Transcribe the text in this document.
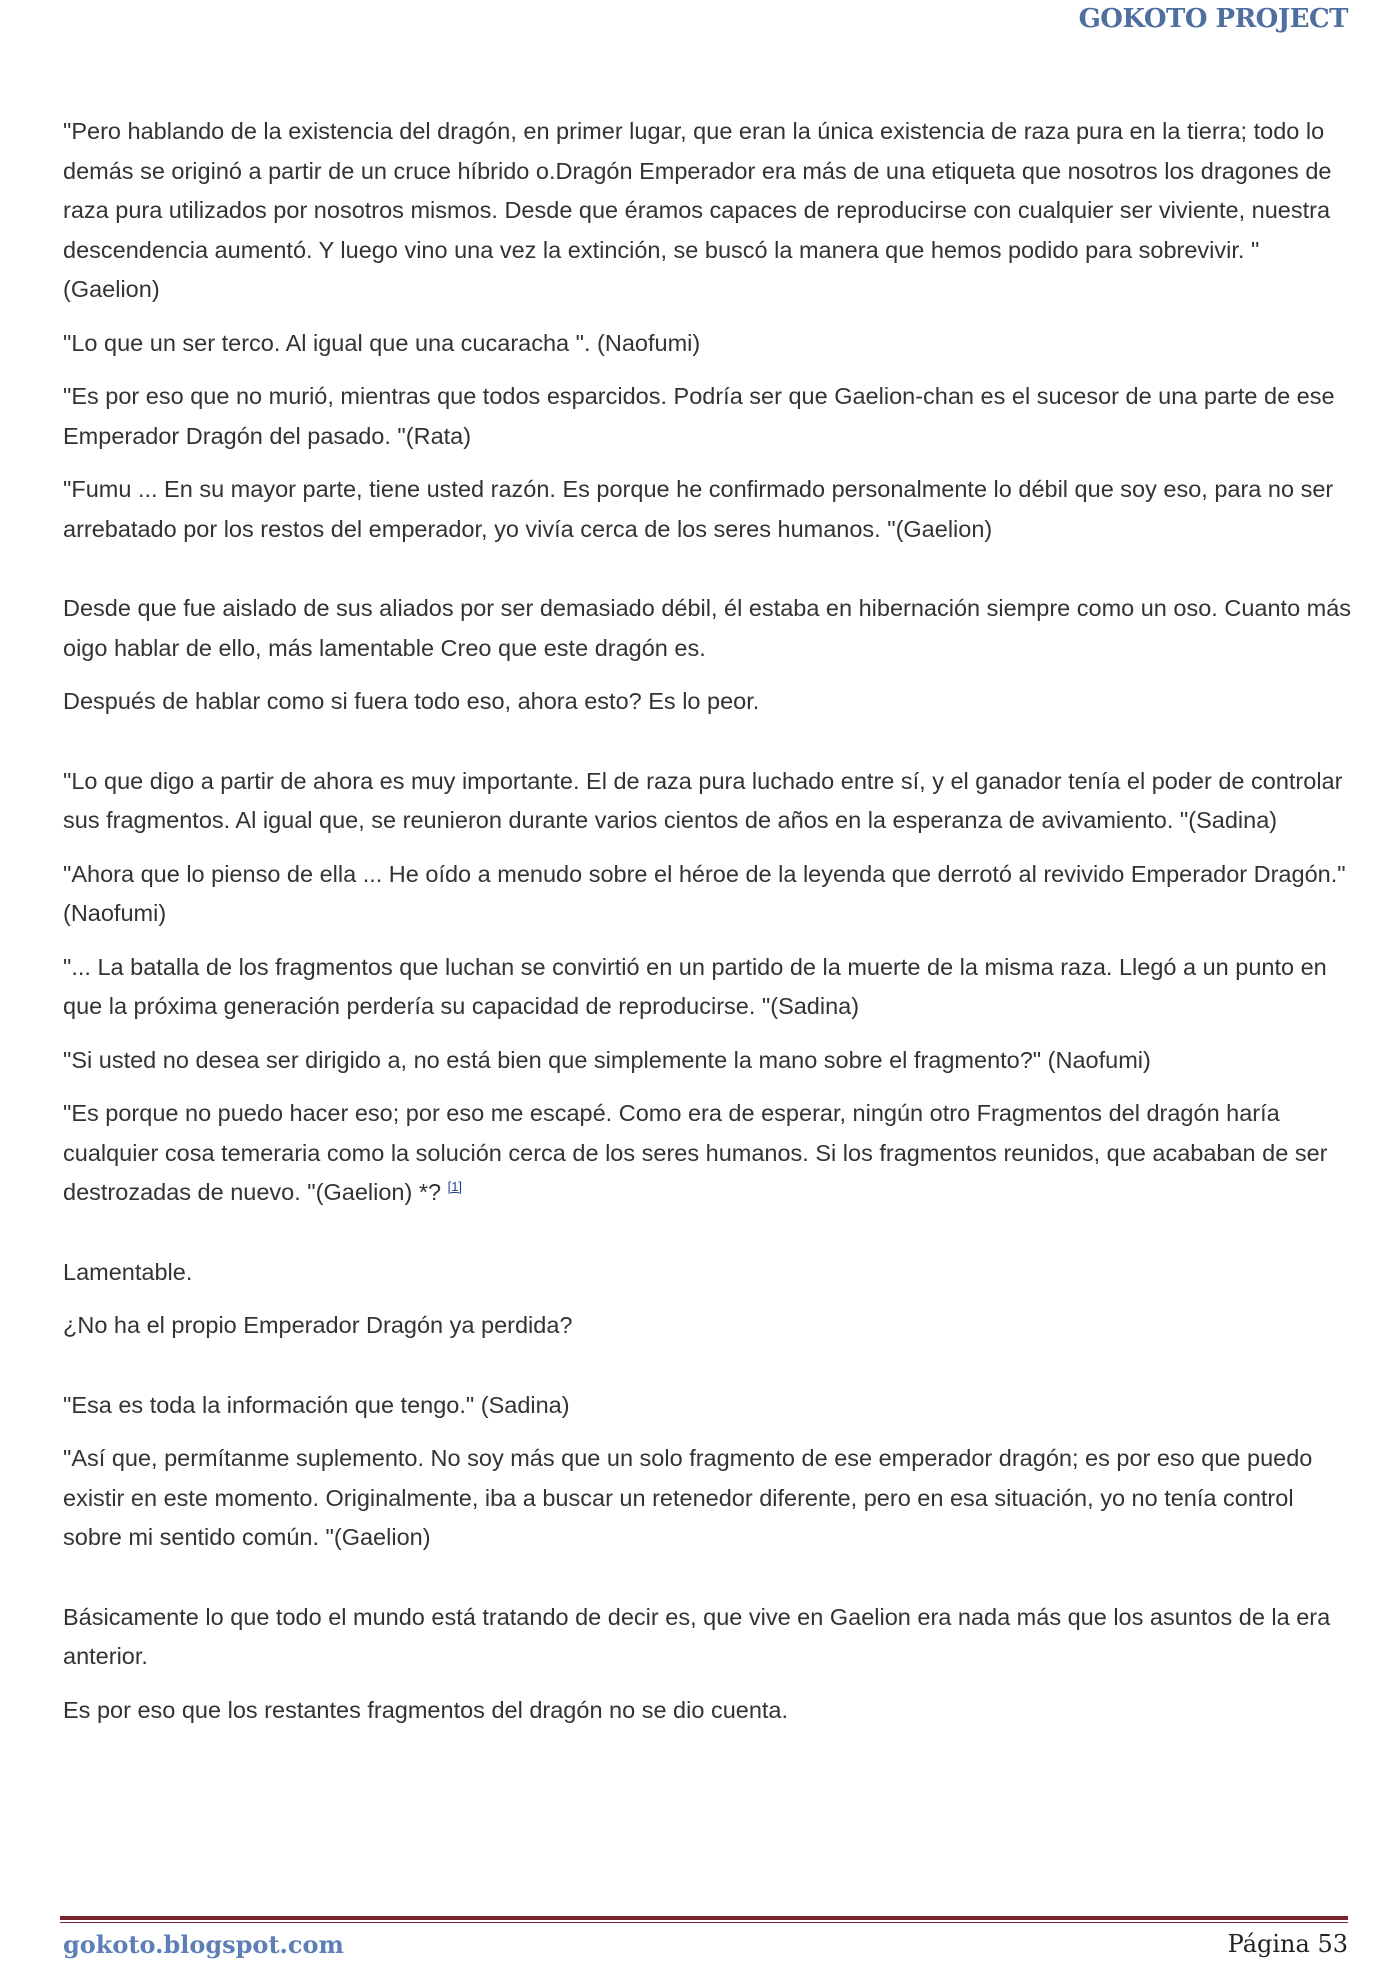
GOKOTO PROJECT

"Pero hablando de la existencia del dragón, en primer lugar, que eran la única existencia de raza pura en la tierra; todo lo demás se originó a partir de un cruce híbrido o.Dragón Emperador era más de una etiqueta que nosotros los dragones de raza pura utilizados por nosotros mismos. Desde que éramos capaces de reproducirse con cualquier ser viviente, nuestra descendencia aumentó. Y luego vino una vez la extinción, se buscó la manera que hemos podido para sobrevivir. "(Gaelion)

"Lo que un ser terco. Al igual que una cucaracha ". (Naofumi)

"Es por eso que no murió, mientras que todos esparcidos. Podría ser que Gaelion-chan es el sucesor de una parte de ese Emperador Dragón del pasado. "(Rata)

"Fumu ... En su mayor parte, tiene usted razón. Es porque he confirmado personalmente lo débil que soy eso, para no ser arrebatado por los restos del emperador, yo vivía cerca de los seres humanos. "(Gaelion)

Desde que fue aislado de sus aliados por ser demasiado débil, él estaba en hibernación siempre como un oso. Cuanto más oigo hablar de ello, más lamentable Creo que este dragón es.

Después de hablar como si fuera todo eso, ahora esto? Es lo peor.

"Lo que digo a partir de ahora es muy importante. El de raza pura luchado entre sí, y el ganador tenía el poder de controlar sus fragmentos. Al igual que, se reunieron durante varios cientos de años en la esperanza de avivamiento. "(Sadina)

"Ahora que lo pienso de ella ... He oído a menudo sobre el héroe de la leyenda que derrotó al revivido Emperador Dragón." (Naofumi)

"... La batalla de los fragmentos que luchan se convirtió en un partido de la muerte de la misma raza. Llegó a un punto en que la próxima generación perdería su capacidad de reproducirse. "(Sadina)

"Si usted no desea ser dirigido a, no está bien que simplemente la mano sobre el fragmento?" (Naofumi)

"Es porque no puedo hacer eso; por eso me escapé. Como era de esperar, ningún otro Fragmentos del dragón haría cualquier cosa temeraria como la solución cerca de los seres humanos. Si los fragmentos reunidos, que acababan de ser destrozadas de nuevo. "(Gaelion) *? [1]

Lamentable.

¿No ha el propio Emperador Dragón ya perdida?

"Esa es toda la información que tengo." (Sadina)

"Así que, permítanme suplemento. No soy más que un solo fragmento de ese emperador dragón; es por eso que puedo existir en este momento. Originalmente, iba a buscar un retenedor diferente, pero en esa situación, yo no tenía control sobre mi sentido común. "(Gaelion)

Básicamente lo que todo el mundo está tratando de decir es, que vive en Gaelion era nada más que los asuntos de la era anterior.

Es por eso que los restantes fragmentos del dragón no se dio cuenta.

gokoto.blogspot.com	Página 53
